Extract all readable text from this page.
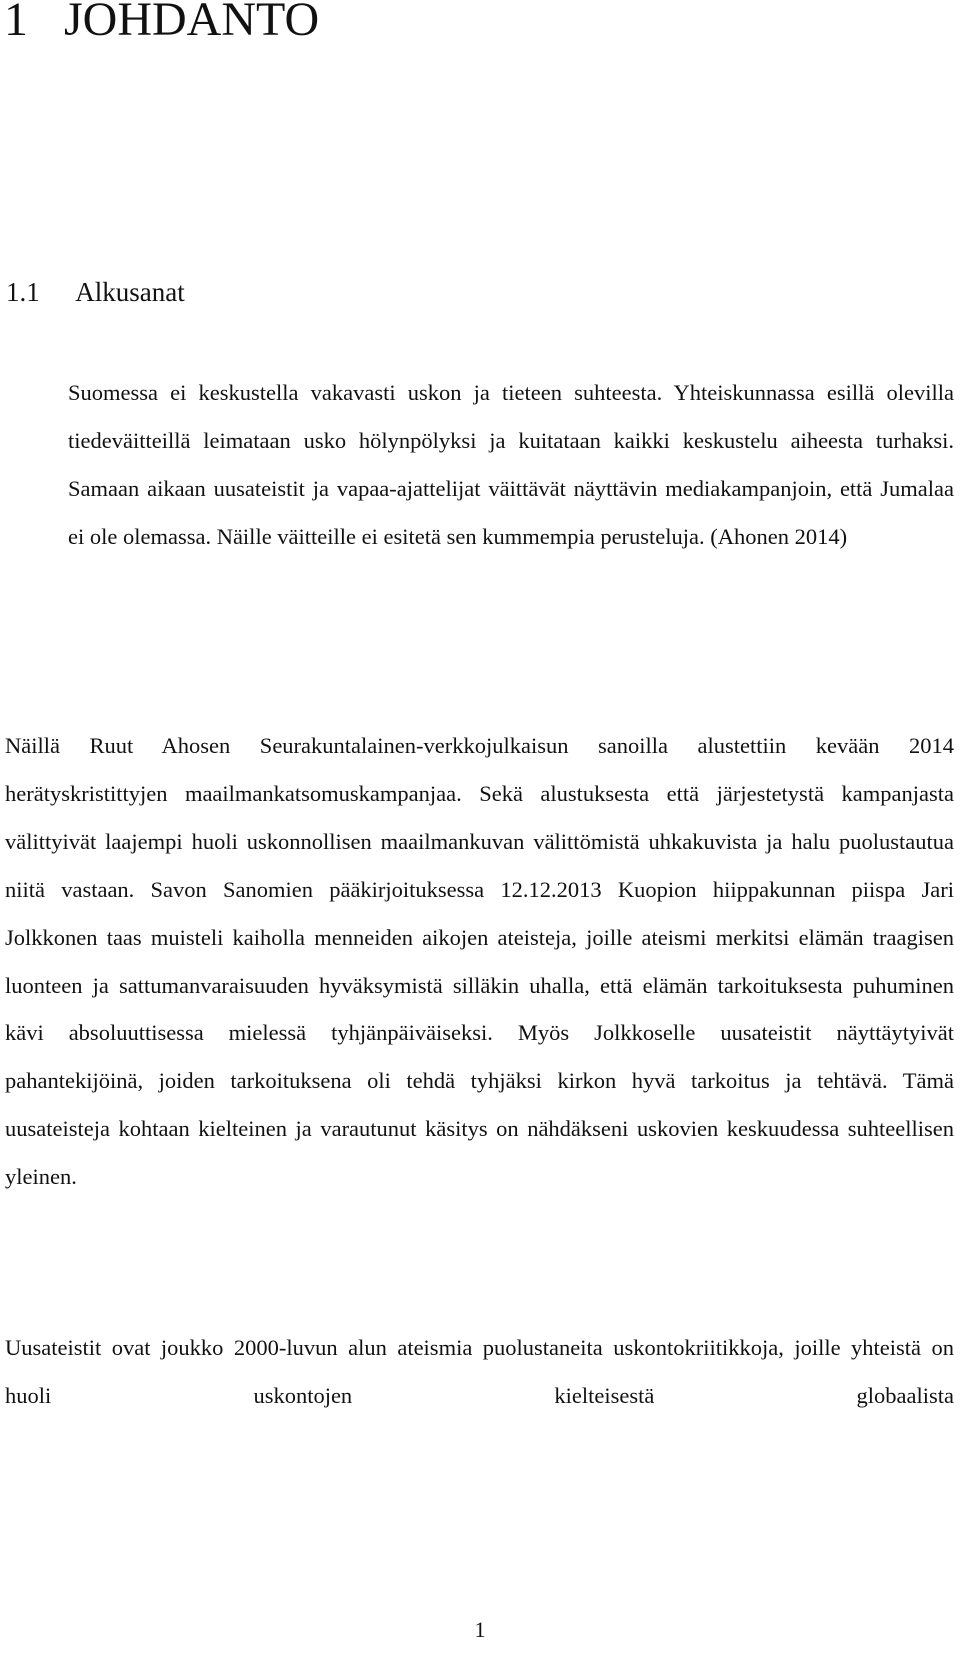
1 JOHDANTO
1.1 Alkusanat

Suomessa ei keskustella vakavasti uskon ja tieteen suhteesta. Yhteiskunnassa esillä olevilla tiedeväitteillä leimataan usko hölynpölyksi ja kuitataan kaikki keskustelu aiheesta turhaksi. Samaan aikaan uusateistit ja vapaa-ajattelijat väittävät näyttävin mediakampanjoin, että Jumalaa ei ole olemassa. Näille väitteille ei esitetä sen kummempia perusteluja. (Ahonen 2014)

Näillä Ruut Ahosen Seurakuntalainen-verkkojulkaisun sanoilla alustettiin kevään 2014 herätyskristittyjen maailmankatsomuskampanjaa. Sekä alustuksesta että järjestetystä kampanjasta välittyivät laajempi huoli uskonnollisen maailmankuvan välittömistä uhkakuvista ja halu puolustautua niitä vastaan. Savon Sanomien pääkirjoituksessa 12.12.2013 Kuopion hiippakunnan piispa Jari Jolkkonen taas muisteli kaiholla menneiden aikojen ateisteja, joille ateismi merkitsi elämän traagisen luonteen ja sattumanvaraisuuden hyväksymistä silläkin uhalla, että elämän tarkoituksesta puhuminen kävi absoluuttisessa mielessä tyhjänpäiväiseksi. Myös Jolkkoselle uusateistit näyttäytyivät pahantekijöinä, joiden tarkoituksena oli tehdä tyhjäksi kirkon hyvä tarkoitus ja tehtävä. Tämä uusateisteja kohtaan kielteinen ja varautunut käsitys on nähdäkseni uskovien keskuudessa suhteellisen yleinen.

Uusateistit ovat joukko 2000-luvun alun ateismia puolustaneita uskontokriitikkoja, joille yhteistä on huoli uskontojen kielteisestä globaalista

1
